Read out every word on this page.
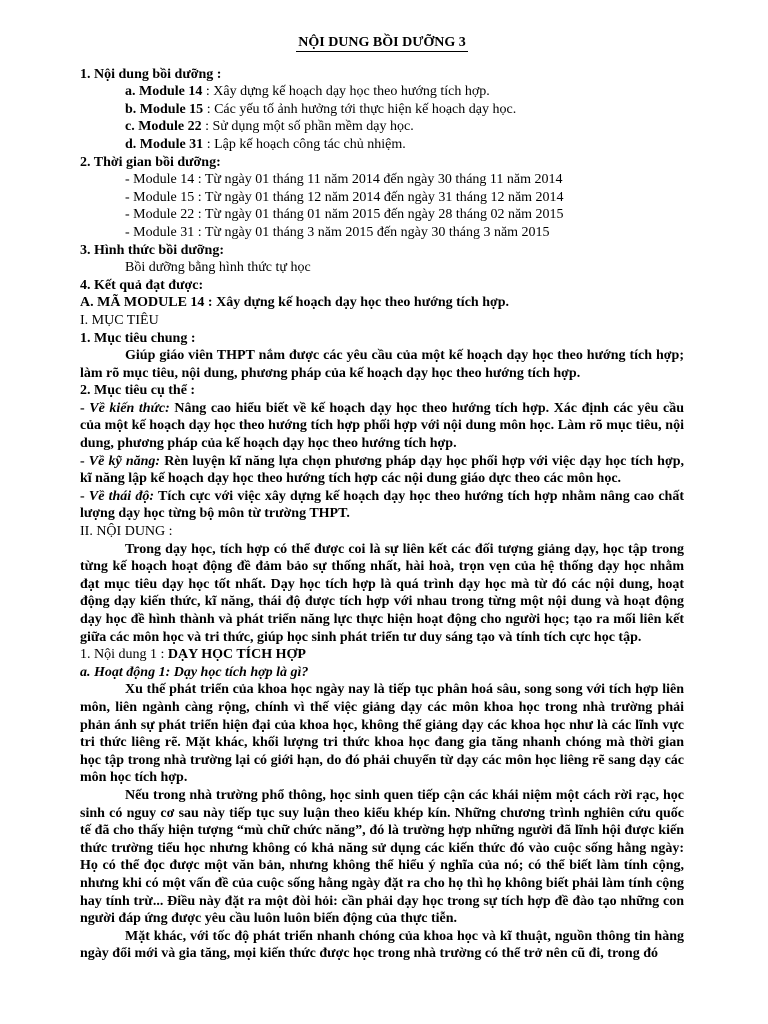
NỘI DUNG BỒI DƯỠNG 3

1. Nội dung bồi dưỡng :

a. Module 14 : Xây dựng kế hoạch dạy học theo hướng tích hợp.

b. Module 15 : Các yếu tố ảnh hưởng tới thực hiện kế hoạch dạy học.

c. Module 22 : Sử dụng một số phần mềm dạy học.

d. Module 31 : Lập kế hoạch công tác chủ nhiệm.

2. Thời gian bồi dưỡng:

- Module 14 : Từ ngày 01 tháng 11 năm 2014 đến ngày 30 tháng 11 năm 2014

- Module 15 : Từ ngày 01 tháng 12 năm 2014 đến ngày 31 tháng 12 năm 2014

- Module 22 : Từ ngày 01 tháng 01 năm 2015 đến ngày 28 tháng 02 năm 2015

- Module 31 : Từ ngày 01 tháng 3 năm 2015 đến ngày 30 tháng 3 năm 2015

3. Hình thức bồi dưỡng:

Bồi dưỡng bằng hình thức tự học

4. Kết quả đạt được:

A. MÃ MODULE 14 : Xây dựng kế hoạch dạy học theo hướng tích hợp.

I. MỤC TIÊU

1. Mục tiêu chung :

Giúp giáo viên THPT nắm được các yêu cầu của một kế hoạch dạy học theo hướng tích hợp; làm rõ mục tiêu, nội dung, phương pháp của kế hoạch dạy học theo hướng tích hợp.

2. Mục tiêu cụ thể :

- Về kiến thức: Nâng cao hiểu biết về kế hoạch dạy học theo hướng tích hợp. Xác định các yêu cầu của một kế hoạch dạy học theo hướng tích hợp phối hợp với nội dung môn học. Làm rõ mục tiêu, nội dung, phương pháp của kế hoạch dạy học theo hướng tích hợp.

- Về kỹ năng: Rèn luyện kĩ năng lựa chọn phương pháp dạy học phối hợp với việc dạy học tích hợp, kĩ năng lập kế hoạch dạy học theo hướng tích hợp các nội dung giáo dực theo các môn học.

- Về thái độ: Tích cực với việc xây dựng kế hoạch dạy học theo hướng tích hợp nhằm nâng cao chất lượng dạy học từng bộ môn từ trường THPT.

II. NỘI DUNG :

Trong dạy học, tích hợp có thể được coi là sự liên kết các đối tượng giảng dạy, học tập trong từng kế hoạch hoạt động đề đảm bảo sự thống nhất, hài hoà, trọn vẹn của hệ thống dạy học nhằm đạt mục tiêu dạy học tốt nhất. Dạy học tích hợp là quá trình dạy học mà từ đó các nội dung, hoạt động dạy kiến thức, kĩ năng, thái độ được tích hợp với nhau trong từng một nội dung và hoạt động dạy học đề hình thành và phát triển năng lực thực hiện hoạt động cho người học; tạo ra mối liên kết giữa các môn học và tri thức, giúp học sinh phát triển tư duy sáng tạo và tính tích cực học tập.

1. Nội dung 1 : DẠY HỌC TÍCH HỢP

a. Hoạt động 1: Dạy học tích hợp là gì?

Xu thế phát triển của khoa học ngày nay là tiếp tục phân hoá sâu, song song với tích hợp liên môn, liên ngành càng rộng, chính vì thế việc giảng dạy các môn khoa học trong nhà trường phải phản ánh sự phát triển hiện đại của khoa học, không thể giảng dạy các khoa học như là các lĩnh vực tri thức liêng rẽ. Mặt khác, khối lượng tri thức khoa học đang gia tăng nhanh chóng mà thời gian học tập trong nhà trường lại có giới hạn, do đó phải chuyển từ dạy các môn học liêng rẽ sang dạy các môn học tích hợp.

Nếu trong nhà trường phổ thông, học sinh quen tiếp cận các khái niệm một cách rời rạc, học sinh có nguy cơ sau này tiếp tục suy luận theo kiểu khép kín. Những chương trình nghiên cứu quốc tế đã cho thấy hiện tượng “mù chữ chức năng”, đó là trường hợp những người đã lĩnh hội được kiến thức trường tiểu học nhưng không có khả năng sử dụng các kiến thức đó vào cuộc sống hằng ngày: Họ có thể đọc được một văn bản, nhưng không thể hiểu ý nghĩa của nó; có thể biết làm tính cộng, nhưng khi có một vấn đề của cuộc sống hằng ngày đặt ra cho họ thì họ không biết phải làm tính cộng hay tính trừ... Điều này đặt ra một đòi hỏi: cần phải dạy học trong sự tích hợp đề đào tạo những con người đáp ứng được yêu cầu luôn luôn biến động của thực tiễn.

Mặt khác, với tốc độ phát triển nhanh chóng của khoa học và kĩ thuật, nguồn thông tin hàng ngày đổi mới và gia tăng, mọi kiến thức được học trong nhà trường có thể trở nên cũ đi, trong đó
